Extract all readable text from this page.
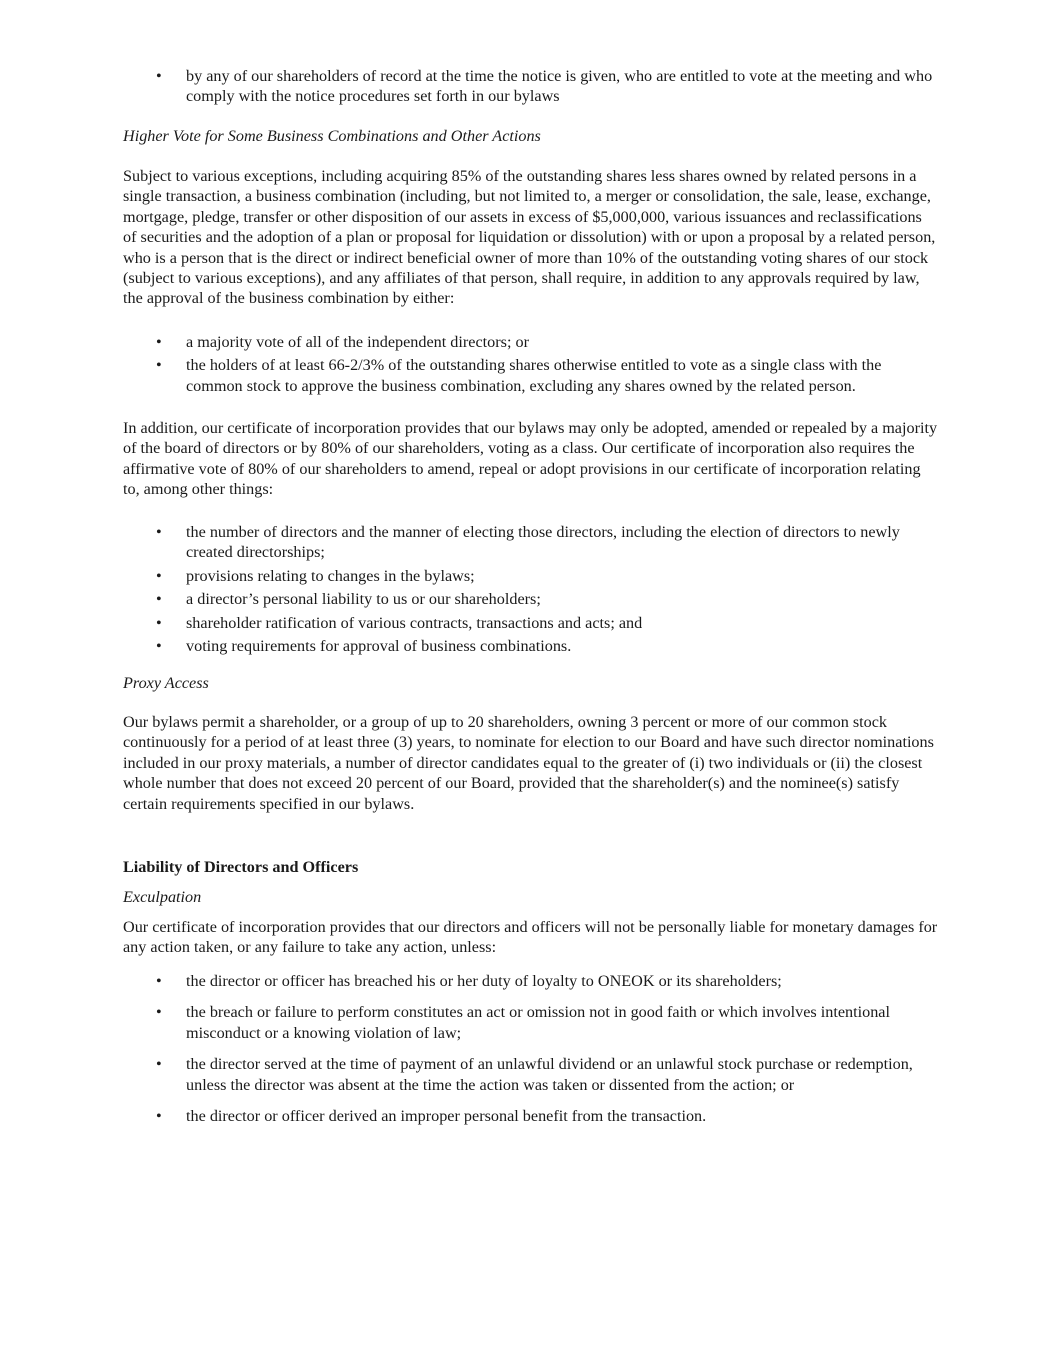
• by any of our shareholders of record at the time the notice is given, who are entitled to vote at the meeting and who comply with the notice procedures set forth in our bylaws

Higher Vote for Some Business Combinations and Other Actions

Subject to various exceptions, including acquiring 85% of the outstanding shares less shares owned by related persons in a single transaction, a business combination (including, but not limited to, a merger or consolidation, the sale, lease, exchange, mortgage, pledge, transfer or other disposition of our assets in excess of $5,000,000, various issuances and reclassifications of securities and the adoption of a plan or proposal for liquidation or dissolution) with or upon a proposal by a related person, who is a person that is the direct or indirect beneficial owner of more than 10% of the outstanding voting shares of our stock (subject to various exceptions), and any affiliates of that person, shall require, in addition to any approvals required by law, the approval of the business combination by either:

• a majority vote of all of the independent directors; or
• the holders of at least 66-2/3% of the outstanding shares otherwise entitled to vote as a single class with the common stock to approve the business combination, excluding any shares owned by the related person.

In addition, our certificate of incorporation provides that our bylaws may only be adopted, amended or repealed by a majority of the board of directors or by 80% of our shareholders, voting as a class. Our certificate of incorporation also requires the affirmative vote of 80% of our shareholders to amend, repeal or adopt provisions in our certificate of incorporation relating to, among other things:

• the number of directors and the manner of electing those directors, including the election of directors to newly created directorships;
• provisions relating to changes in the bylaws;
• a director’s personal liability to us or our shareholders;
• shareholder ratification of various contracts, transactions and acts; and
• voting requirements for approval of business combinations.

Proxy Access

Our bylaws permit a shareholder, or a group of up to 20 shareholders, owning 3 percent or more of our common stock continuously for a period of at least three (3) years, to nominate for election to our Board and have such director nominations included in our proxy materials, a number of director candidates equal to the greater of (i) two individuals or (ii) the closest whole number that does not exceed 20 percent of our Board, provided that the shareholder(s) and the nominee(s) satisfy certain requirements specified in our bylaws.

Liability of Directors and Officers

Exculpation

Our certificate of incorporation provides that our directors and officers will not be personally liable for monetary damages for any action taken, or any failure to take any action, unless:

• the director or officer has breached his or her duty of loyalty to ONEOK or its shareholders;
• the breach or failure to perform constitutes an act or omission not in good faith or which involves intentional misconduct or a knowing violation of law;
• the director served at the time of payment of an unlawful dividend or an unlawful stock purchase or redemption, unless the director was absent at the time the action was taken or dissented from the action; or
• the director or officer derived an improper personal benefit from the transaction.
